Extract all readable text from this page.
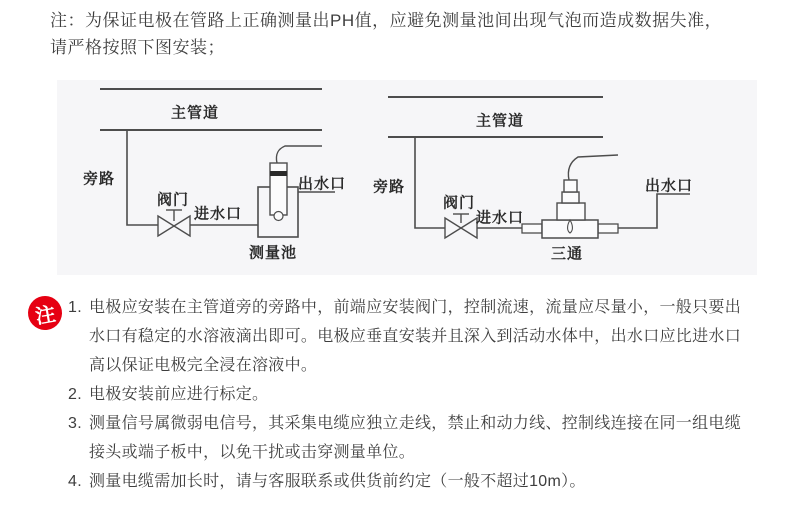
注：为保证电极在管路上正确测量出PH值，应避免测量池间出现气泡而造成数据失准，
请严格按照下图安装；
主管道
旁路
阀门
进水口
出水口
测量池
主管道
旁路
阀门
进水口
出水口
三通
注 1. 电极应安装在主管道旁的旁路中，前端应安装阀门，控制流速，流量应尽量小，一般只要出水口有稳定的水溶液滴出即可。电极应垂直安装并且深入到活动水体中，出水口应比进水口高以保证电极完全浸在溶液中。
2. 电极安装前应进行标定。
3. 测量信号属微弱电信号，其采集电缆应独立走线，禁止和动力线、控制线连接在同一组电缆接头或端子板中，以免干扰或击穿测量单位。
4. 测量电缆需加长时，请与客服联系或供货前约定（一般不超过10m）。
